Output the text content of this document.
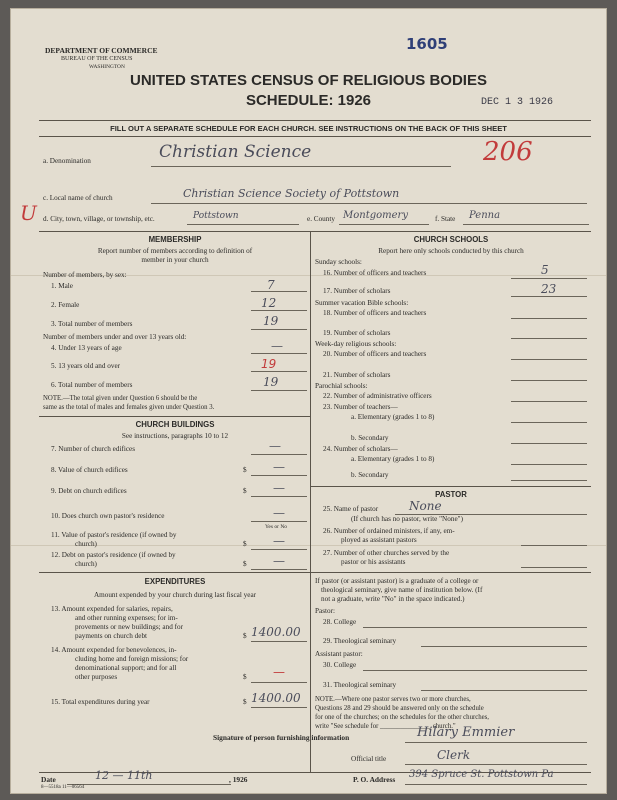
DEPARTMENT OF COMMERCE
BUREAU OF THE CENSUS
WASHINGTON
1605
UNITED STATES CENSUS OF RELIGIOUS BODIES
SCHEDULE: 1926	DEC 1 3 1926
FILL OUT A SEPARATE SCHEDULE FOR EACH CHURCH. SEE INSTRUCTIONS ON THE BACK OF THIS SHEET
a. Denomination	Christian Science	206
c. Local name of church	Christian Science Society of Pottstown
U d. City, town, village, or township, etc.	Pottstown	e. County Montgomery	f. State Penna
MEMBERSHIP
Report number of members according to definition of
member in your church
Number of members, by sex:
1. Male	7
2. Female	12
3. Total number of members	19
Number of members under and over 13 years old:
4. Under 13 years of age	—
5. 13 years old and over	19
6. Total number of members	19
NOTE.—The total given under Question 6 should be the
same as the total of males and females given under Question 3.
CHURCH BUILDINGS
See instructions, paragraphs 10 to 12
7. Number of church edifices	—
8. Value of church edifices	$ —
9. Debt on church edifices	$ —
10. Does church own pastor's residence	—
Yes or No
11. Value of pastor's residence (if owned by
church)	$ —
12. Debt on pastor's residence (if owned by
church)	$ —
EXPENDITURES
Amount expended by your church during last fiscal year
13. Amount expended for salaries, repairs,
and other running expenses; for im-
provements or new buildings; and for
payments on church debt	$ 1400.00
14. Amount expended for benevolences, in-
cluding home and foreign missions; for
denominational support; and for all
other purposes	$ —
15. Total expenditures during year	$ 1400.00
CHURCH SCHOOLS
Report here only schools conducted by this church
Sunday schools:
16. Number of officers and teachers	5
17. Number of scholars	23
Summer vacation Bible schools:
18. Number of officers and teachers
19. Number of scholars
Week-day religious schools:
20. Number of officers and teachers
21. Number of scholars
Parochial schools:
22. Number of administrative officers
23. Number of teachers—
a. Elementary (grades 1 to 8)
b. Secondary
24. Number of scholars—
a. Elementary (grades 1 to 8)
b. Secondary
PASTOR
25. Name of pastor	None
(If church has no pastor, write "None")
26. Number of ordained ministers, if any, em-
ployed as assistant pastors
27. Number of other churches served by the
pastor or his assistants
If pastor (or assistant pastor) is a graduate of a college or
theological seminary, give name of institution below. (If
not a graduate, write "No" in the space indicated.)
Pastor:
28. College
29. Theological seminary
Assistant pastor:
30. College
31. Theological seminary
NOTE.—Where one pastor serves two or more churches,
Questions 28 and 29 should be answered only on the schedule
for one of the churches; on the schedules for the other churches,
write "See schedule for _______________ church."
Signature of person furnishing information	Hilary Emmier
Official title	Clerk
Date	12 — 11th	, 1926	P. O. Address 394 Spruce St. Pottstown Pa
8—5518a 11—06564
